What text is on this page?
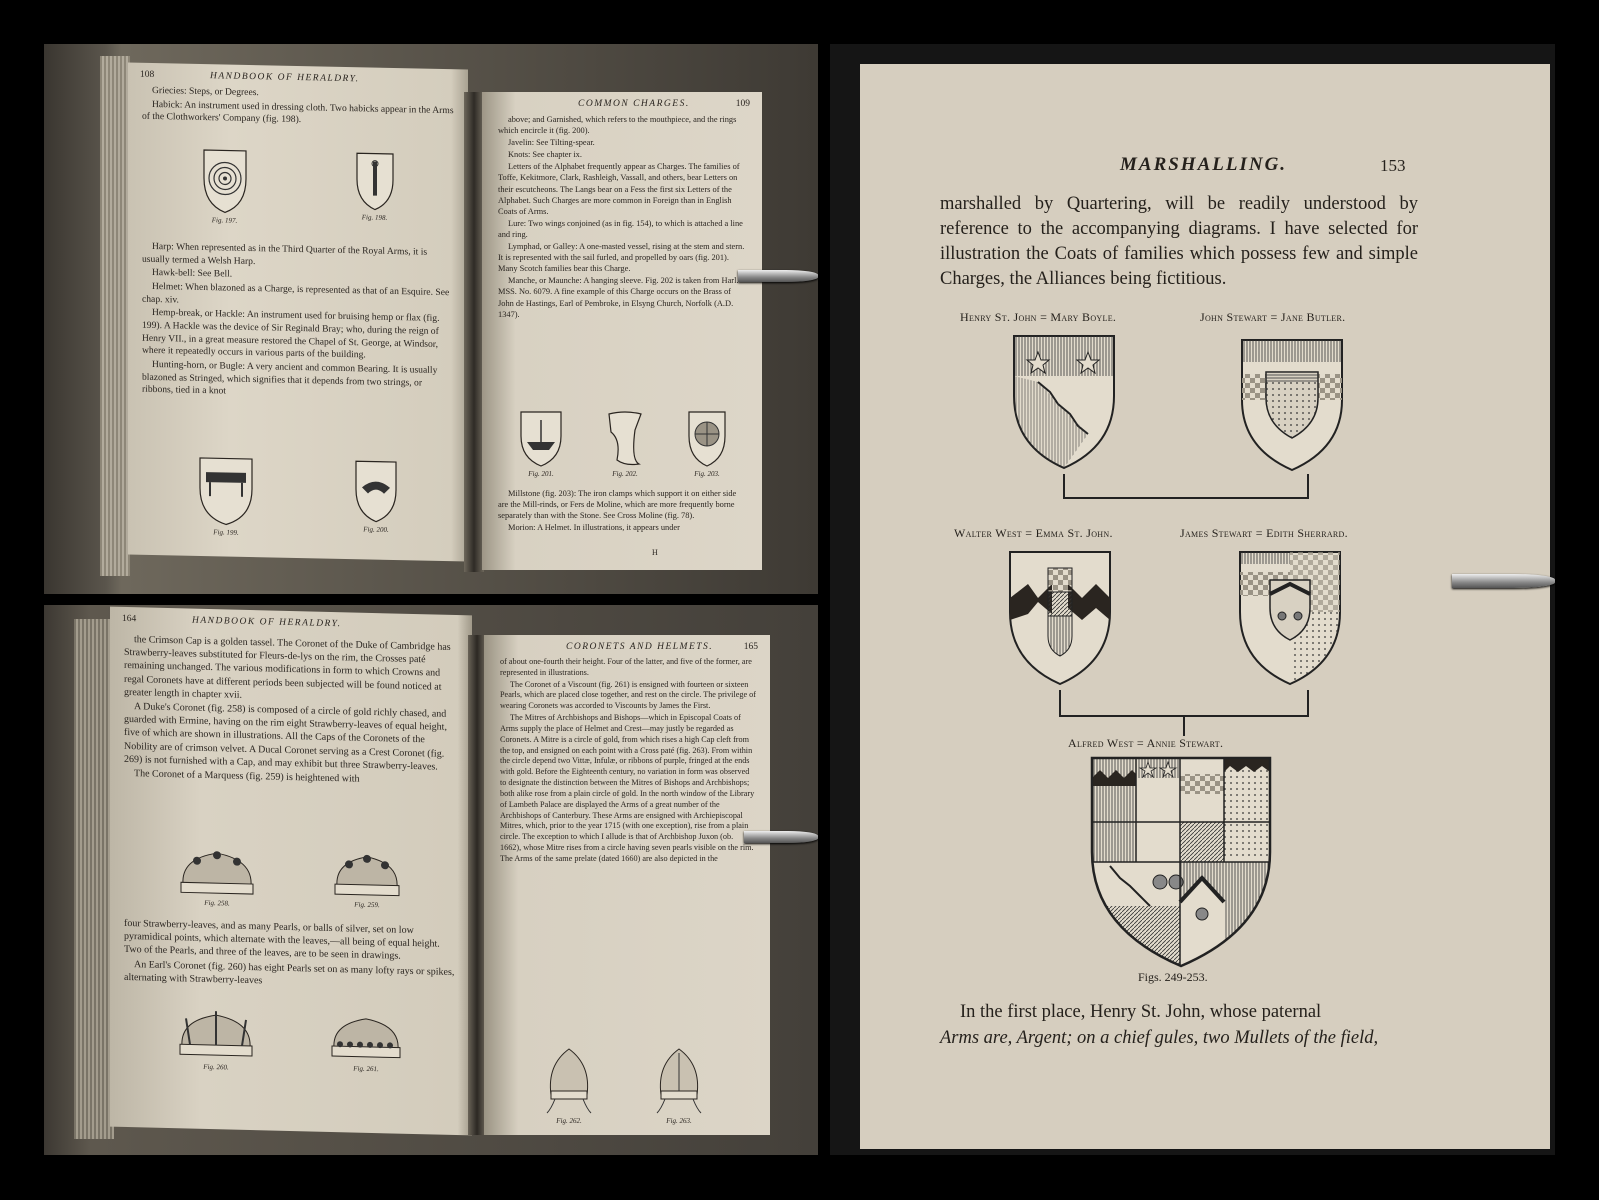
108	HANDBOOK OF HERALDRY.

Griecies: Steps, or Degrees.

Habick: An instrument used in dressing cloth. Two habicks appear in the Arms of the Clothworkers' Company (fig. 198).

Fig. 197.	Fig. 198.

Harp: When represented as in the Third Quarter of the Royal Arms, it is usually termed a Welsh Harp.

Hawk-bell: See Bell.

Helmet: When blazoned as a Charge, is represented as that of an Esquire. See chap. xiv.

Hemp-break, or Hackle: An instrument used for bruising hemp or flax (fig. 199). A Hackle was the device of Sir Reginald Bray; who, during the reign of Henry VII., in a great measure restored the Chapel of St. George, at Windsor, where it repeatedly occurs in various parts of the building.

Hunting-horn, or Bugle: A very ancient and common Bearing. It is usually blazoned as Stringed, which signifies that it depends from two strings, or ribbons, tied in a knot

Fig. 199.	Fig. 200.
COMMON CHARGES.	109

above; and Garnished, which refers to the mouthpiece, and the rings which encircle it (fig. 200).

Javelin: See Tilting-spear.

Knots: See chapter ix.

Letters of the Alphabet frequently appear as Charges. The families of Toffe, Kekitmore, Clark, Rashleigh, Vassall, and others, bear Letters on their escutcheons. The Langs bear on a Fess the first six Letters of the Alphabet. Such Charges are more common in Foreign than in English Coats of Arms.

Lure: Two wings conjoined (as in fig. 154), to which is attached a line and ring.

Lymphad, or Galley: A one-masted vessel, rising at the stem and stern. It is represented with the sail furled, and propelled by oars (fig. 201). Many Scotch families bear this Charge.

Manche, or Maunche: A hanging sleeve. Fig. 202 is taken from Harl. MSS. No. 6079. A fine example of this Charge occurs on the Brass of John de Hastings, Earl of Pembroke, in Elsyng Church, Norfolk (A.D. 1347).

Fig. 201.	Fig. 202.	Fig. 203.

Millstone (fig. 203): The iron clamps which support it on either side are the Mill-rinds, or Fers de Moline, which are more frequently borne separately than with the Stone. See Cross Moline (fig. 78).

Morion: A Helmet. In illustrations, it appears under

H
164	HANDBOOK OF HERALDRY.

the Crimson Cap is a golden tassel. The Coronet of the Duke of Cambridge has Strawberry-leaves substituted for Fleurs-de-lys on the rim, the Crosses paté remaining unchanged. The various modifications in form to which Crowns and regal Coronets have at different periods been subjected will be found noticed at greater length in chapter xvii.

A Duke's Coronet (fig. 258) is composed of a circle of gold richly chased, and guarded with Ermine, having on the rim eight Strawberry-leaves of equal height, five of which are shown in illustrations. All the Caps of the Coronets of the Nobility are of crimson velvet. A Ducal Coronet serving as a Crest Coronet (fig. 269) is not furnished with a Cap, and may exhibit but three Strawberry-leaves.

The Coronet of a Marquess (fig. 259) is heightened with

Fig. 258.	Fig. 259.

four Strawberry-leaves, and as many Pearls, or balls of silver, set on low pyramidical points, which alternate with the leaves,—all being of equal height. Two of the Pearls, and three of the leaves, are to be seen in drawings.

An Earl's Coronet (fig. 260) has eight Pearls set on as many lofty rays or spikes, alternating with Strawberry-leaves

Fig. 260.	Fig. 261.
CORONETS AND HELMETS.	165

of about one-fourth their height. Four of the latter, and five of the former, are represented in illustrations.

The Coronet of a Viscount (fig. 261) is ensigned with fourteen or sixteen Pearls, which are placed close together, and rest on the circle. The privilege of wearing Coronets was accorded to Viscounts by James the First.

The Mitres of Archbishops and Bishops—which in Episcopal Coats of Arms supply the place of Helmet and Crest—may justly be regarded as Coronets. A Mitre is a circle of gold, from which rises a high Cap cleft from the top, and ensigned on each point with a Cross paté (fig. 263). From within the circle depend two Vittæ, Infulæ, or ribbons of purple, fringed at the ends with gold. Before the Eighteenth century, no variation in form was observed to designate the distinction between the Mitres of Bishops and Archbishops; both alike rose from a plain circle of gold. In the north window of the Library of Lambeth Palace are displayed the Arms of a great number of the Archbishops of Canterbury. These Arms are ensigned with Archiepiscopal Mitres, which, prior to the year 1715 (with one exception), rise from a plain circle. The exception to which I allude is that of Archbishop Juxon (ob. 1662), whose Mitre rises from a circle having seven pearls visible on the rim. The Arms of the same prelate (dated 1660) are also depicted in the

Fig. 262.	Fig. 263.
MARSHALLING.	153
marshalled by Quartering, will be readily understood by reference to the accompanying diagrams. I have selected for illustration the Coats of families which possess few and simple Charges, the Alliances being fictitious.
Henry St. John = Mary Boyle.	John Stewart = Jane Butler.
Walter West = Emma St. John.	James Stewart = Edith Sherrard.
Alfred West = Annie Stewart.
Figs. 249-253.
In the first place, Henry St. John, whose paternal
Arms are, Argent; on a chief gules, two Mullets of the field,
